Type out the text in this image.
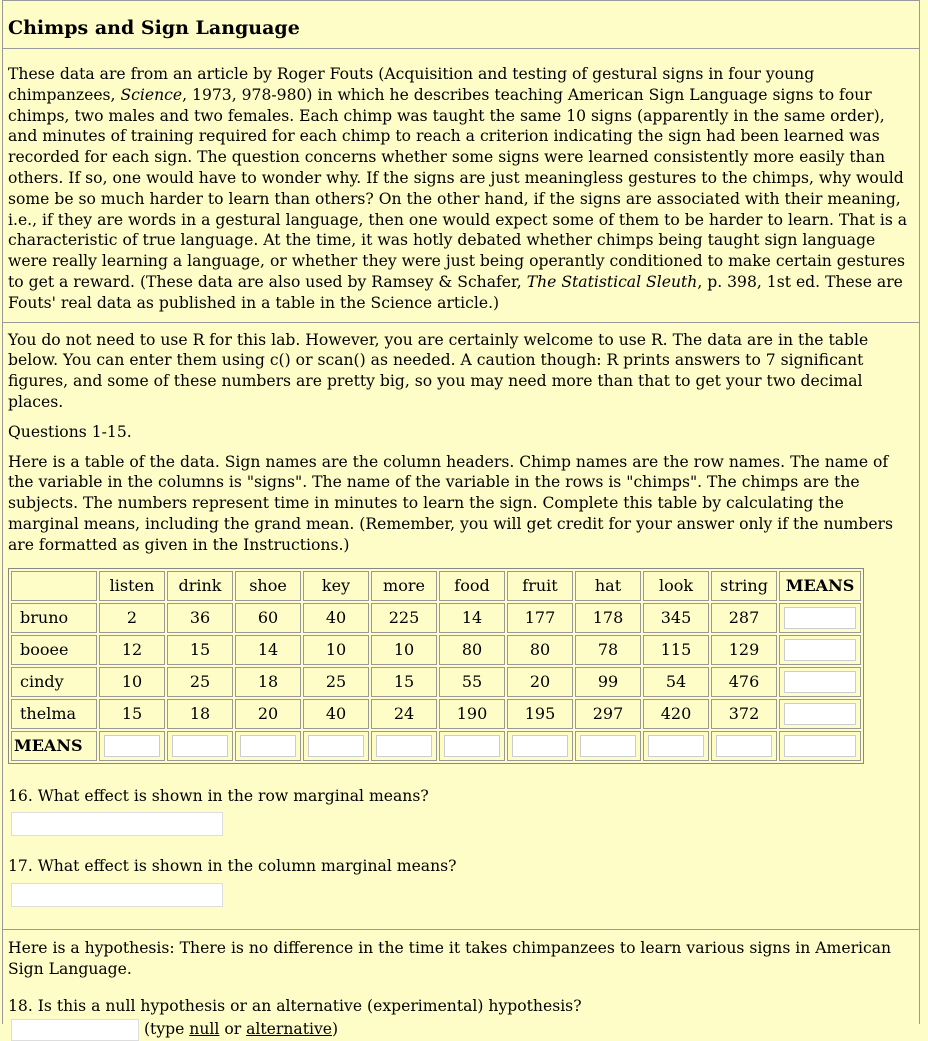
Chimps and Sign Language

These data are from an article by Roger Fouts (Acquisition and testing of gestural signs in four young chimpanzees, Science, 1973, 978-980) in which he describes teaching American Sign Language signs to four chimps, two males and two females. Each chimp was taught the same 10 signs (apparently in the same order), and minutes of training required for each chimp to reach a criterion indicating the sign had been learned was recorded for each sign. The question concerns whether some signs were learned consistently more easily than others. If so, one would have to wonder why. If the signs are just meaningless gestures to the chimps, why would some be so much harder to learn than others? On the other hand, if the signs are associated with their meaning, i.e., if they are words in a gestural language, then one would expect some of them to be harder to learn. That is a characteristic of true language. At the time, it was hotly debated whether chimps being taught sign language were really learning a language, or whether they were just being operantly conditioned to make certain gestures to get a reward. (These data are also used by Ramsey & Schafer, The Statistical Sleuth, p. 398, 1st ed. These are Fouts' real data as published in a table in the Science article.)

You do not need to use R for this lab. However, you are certainly welcome to use R. The data are in the table below. You can enter them using c() or scan() as needed. A caution though: R prints answers to 7 significant figures, and some of these numbers are pretty big, so you may need more than that to get your two decimal places.

Questions 1-15.

Here is a table of the data. Sign names are the column headers. Chimp names are the row names. The name of the variable in the columns is "signs". The name of the variable in the rows is "chimps". The chimps are the subjects. The numbers represent time in minutes to learn the sign. Complete this table by calculating the marginal means, including the grand mean. (Remember, you will get credit for your answer only if the numbers are formatted as given in the Instructions.)

	listen	drink	shoe	key	more	food	fruit	hat	look	string	MEANS
bruno	2	36	60	40	225	14	177	178	345	287	
booee	12	15	14	10	10	80	80	78	115	129	
cindy	10	25	18	25	15	55	20	99	54	476	
thelma	15	18	20	40	24	190	195	297	420	372	
MEANS											

16. What effect is shown in the row marginal means?

17. What effect is shown in the column marginal means?

Here is a hypothesis: There is no difference in the time it takes chimpanzees to learn various signs in American Sign Language.

18. Is this a null hypothesis or an alternative (experimental) hypothesis?

(type null or alternative)
